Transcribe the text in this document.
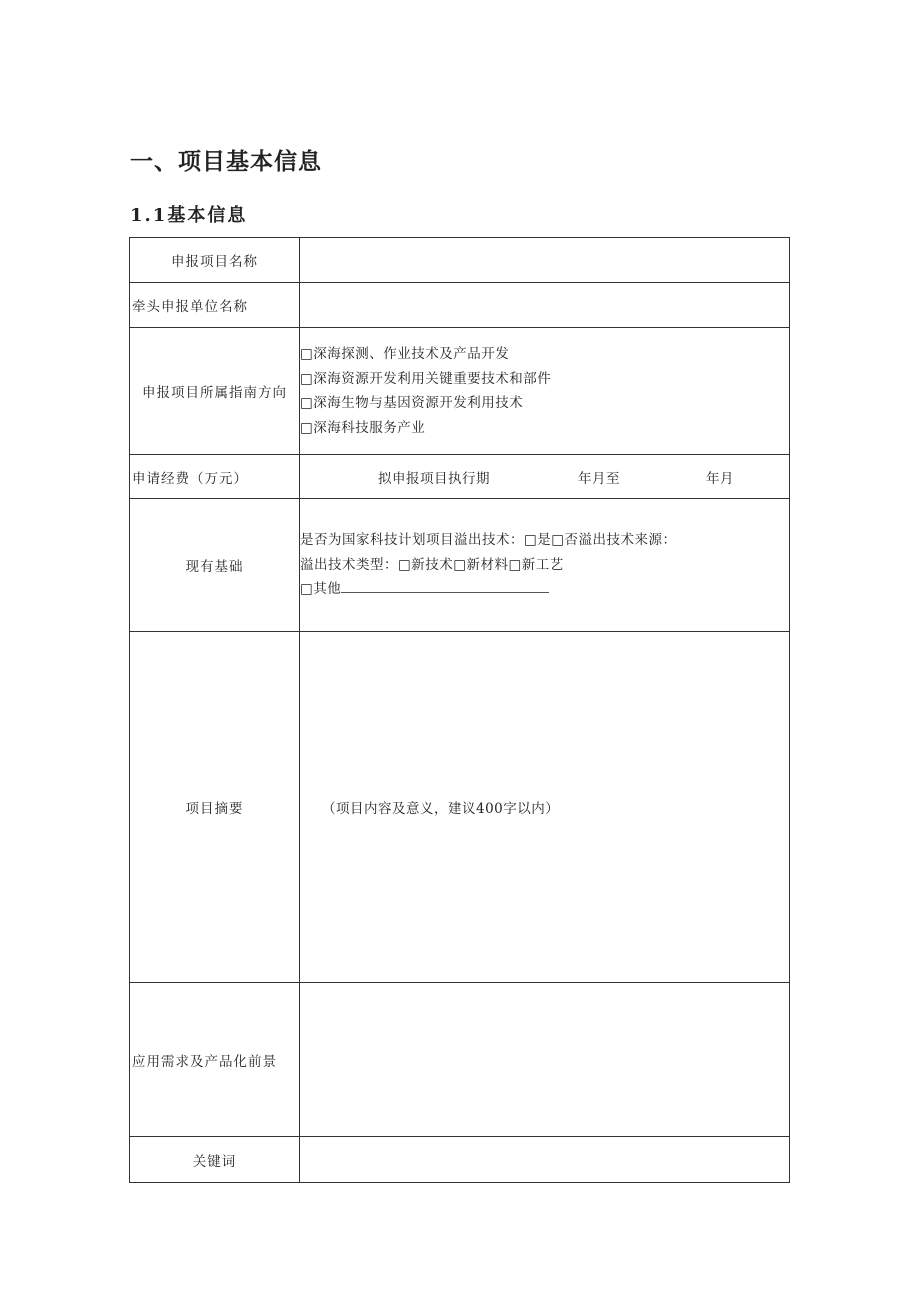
一、项目基本信息
1.1基本信息
申报项目名称	
牵头申报单位名称	
申报项目所属指南方向	□深海探测、作业技术及产品开发
□深海资源开发利用关键重要技术和部件
□深海生物与基因资源开发利用技术
□深海科技服务产业

申请经费（万元）	拟申报项目执行期 年月至 年月

现有基础	是否为国家科技计划项目溢出技术：□是□否溢出技术来源：
溢出技术类型：□新技术□新材料□新工艺
□其他

项目摘要	（项目内容及意义，建议400字以内）

应用需求及产品化前景	
关键词	
